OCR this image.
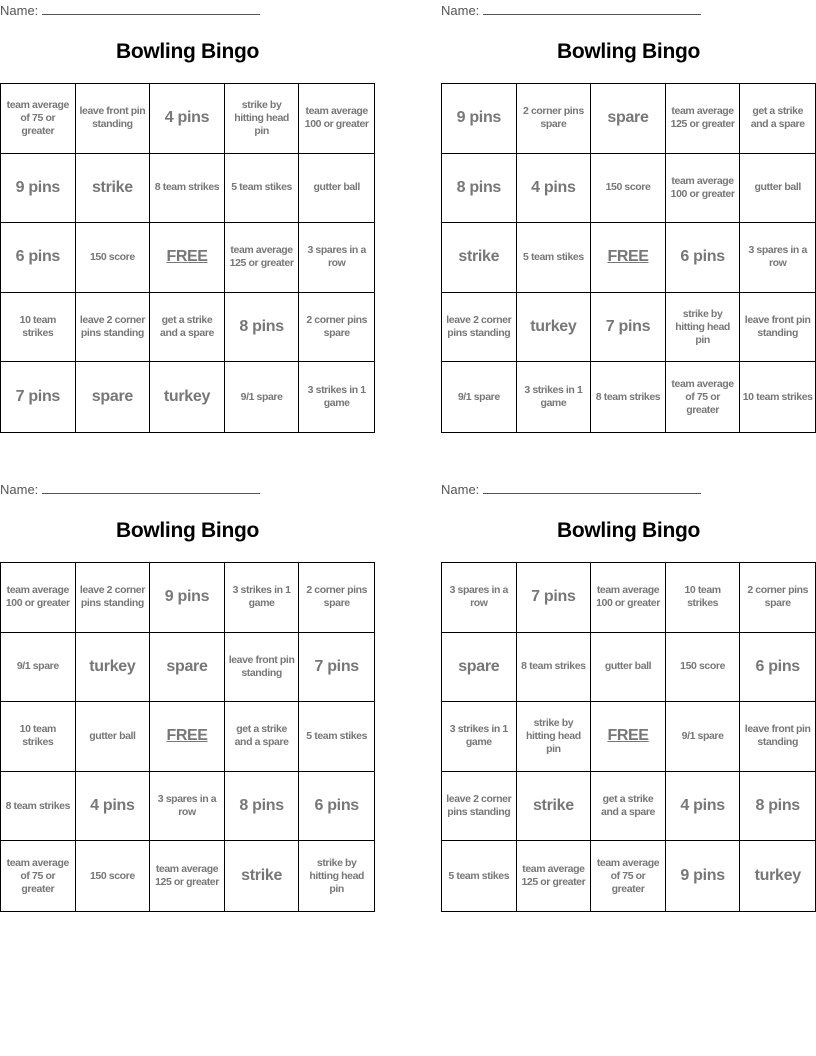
Name:
Bowling Bingo
team average of 75 or greater
leave front pin standing	4 pins
strike by hitting head pin
team average 100 or greater
9 pins strike 8 team strikes 5 team stikes gutter ball
6 pins	150 score FREE	team average 125 or greater
3 spares in a row
10 team strikes
leave 2 corner pins standing
get a strike and a spare	8 pins	2 corner pins spare
7 pins spare turkey	9/1 spare
3 strikes in 1 game
Name:
Bowling Bingo
9 pins	2 corner pins spare	spare	team average 125 or greater
get a strike and a spare
8 pins 4 pins	150 score
team average 100 or greater
gutter ball
strike 5 team stikes FREE 6 pins	3 spares in a row
leave 2 corner pins standing turkey 7 pins
strike by hitting head pin
leave front pin standing
9/1 spare
3 strikes in 1 game
8 team strikes
team average of 75 or greater
10 team strikes
Name:
Bowling Bingo
team average 100 or greater
leave 2 corner pins standing 9 pins	3 strikes in 1 game
2 corner pins spare
9/1 spare turkey spare leave front pin standing	7 pins
10 team strikes
gutter ball FREE	get a strike and a spare
5 team stikes
8 team strikes 4 pins	3 spares in a row	8 pins 6 pins
team average of 75 or greater
150 score
team average 125 or greater strike
strike by hitting head pin
Name:
Bowling Bingo
3 spares in a row	7 pins	team average 100 or greater
10 team strikes
2 corner pins spare
spare 8 team strikes gutter ball	150 score 6 pins
3 strikes in 1 game
strike by hitting head pin
FREE	9/1 spare
leave front pin standing
leave 2 corner pins standing strike	get a strike and a spare	4 pins 8 pins
5 team stikes
team average 125 or greater
team average of 75 or greater
9 pins turkey
